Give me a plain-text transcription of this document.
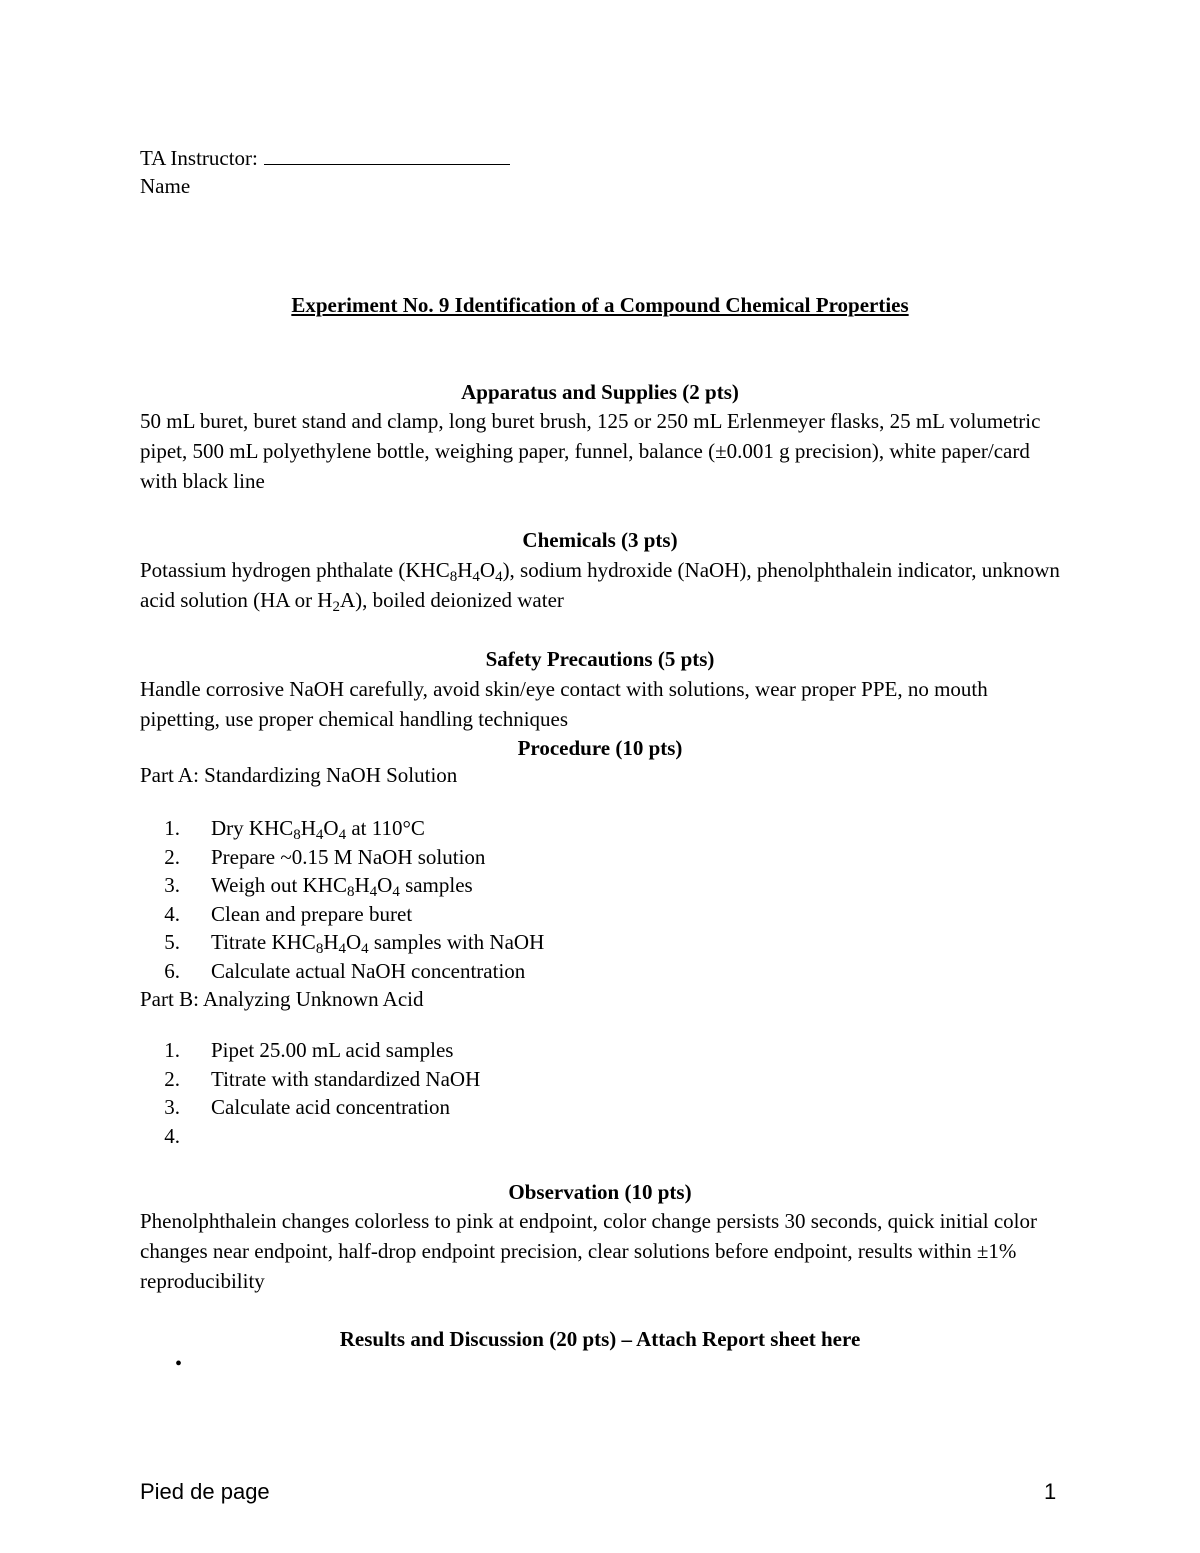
TA Instructor:
Name
Experiment No. 9 Identification of a Compound Chemical Properties
Apparatus and Supplies (2 pts)
50 mL buret, buret stand and clamp, long buret brush, 125 or 250 mL Erlenmeyer flasks, 25 mL volumetric pipet, 500 mL polyethylene bottle, weighing paper, funnel, balance (±0.001 g precision), white paper/card with black line
Chemicals (3 pts)
Potassium hydrogen phthalate $(KHC_8H_4O_4)$, sodium hydroxide (NaOH), phenolphthalein indicator, unknown acid solution (HA or $H_2A$), boiled deionized water
Safety Precautions (5 pts)
Handle corrosive NaOH carefully, avoid skin/eye contact with solutions, wear proper PPE, no mouth pipetting, use proper chemical handling techniques
Procedure (10 pts)
Part A: Standardizing NaOH Solution
1. Dry $KHC_8H_4O_4$ at 110°C
2. Prepare ~0.15 M NaOH solution
3. Weigh out $KHC_8H_4O_4$ samples
4. Clean and prepare buret
5. Titrate $KHC_8H_4O_4$ samples with NaOH
6. Calculate actual NaOH concentration
Part B: Analyzing Unknown Acid
1. Pipet 25.00 mL acid samples
2. Titrate with standardized NaOH
3. Calculate acid concentration
4.
Observation (10 pts)
Phenolphthalein changes colorless to pink at endpoint, color change persists 30 seconds, quick initial color changes near endpoint, half-drop endpoint precision, clear solutions before endpoint, results within ±1% reproducibility
Results and Discussion (20 pts) – Attach Report sheet here
•
Pied de page	1
